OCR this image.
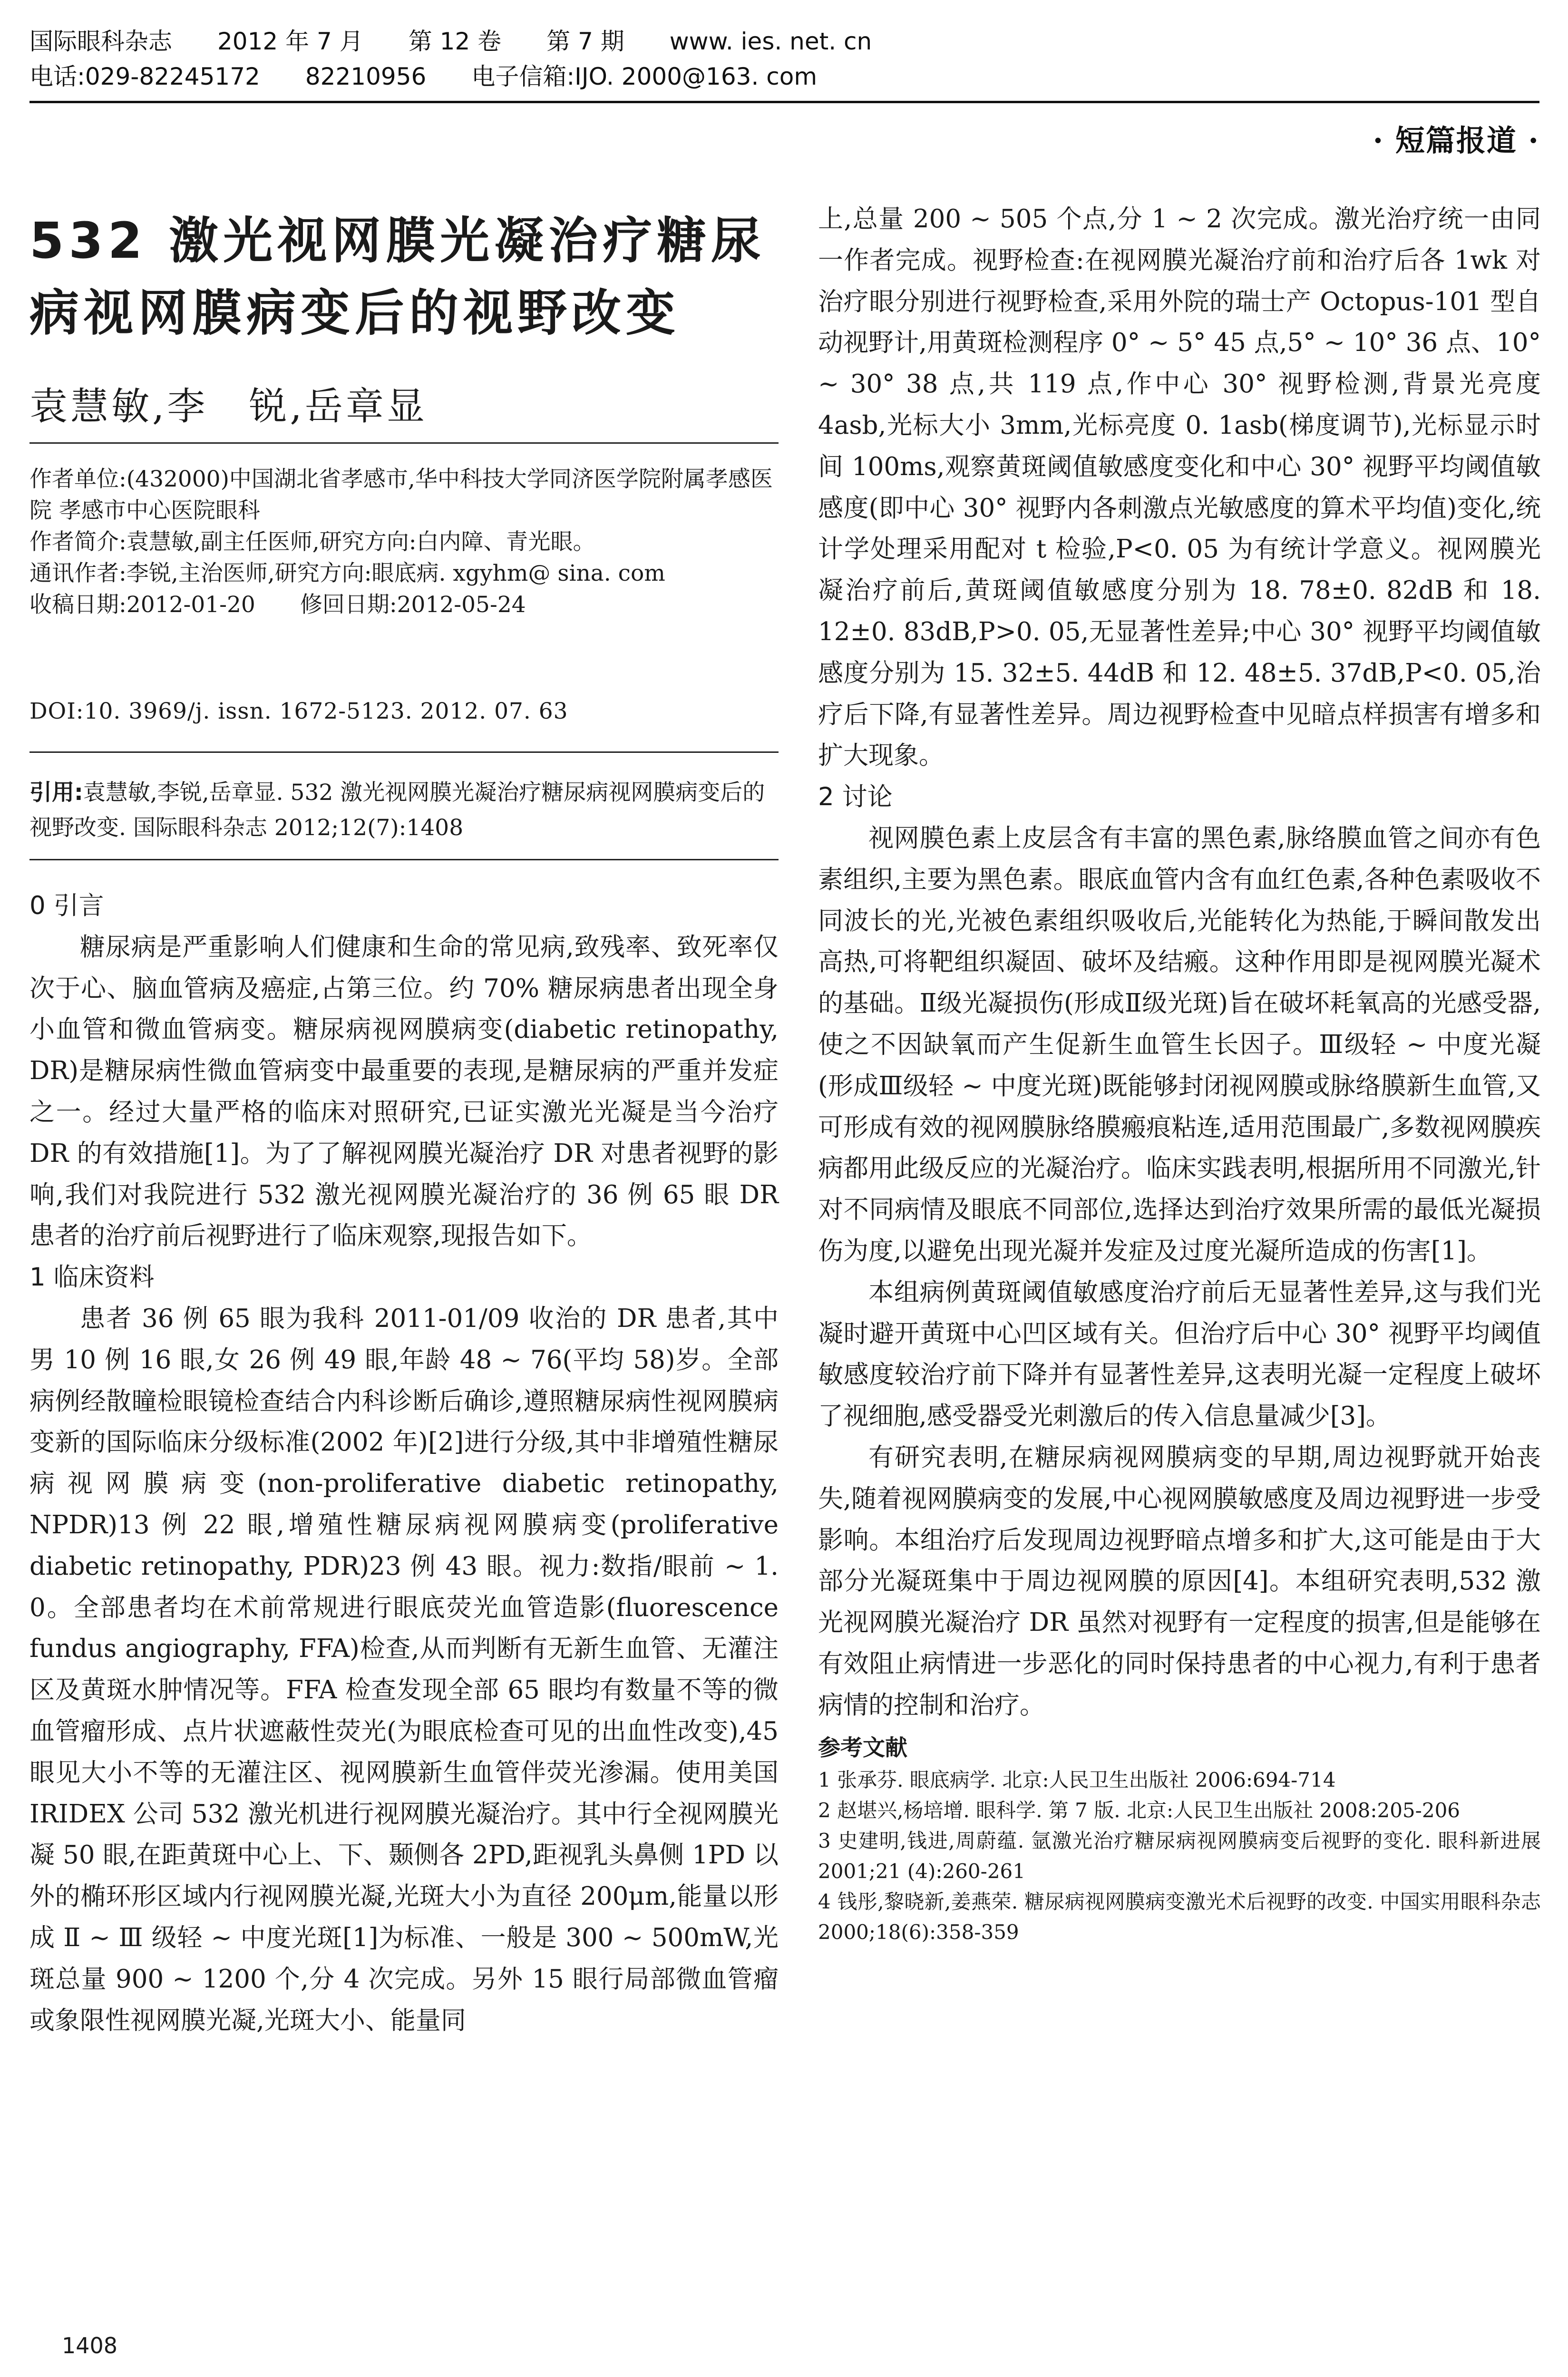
国际眼科杂志 2012 年 7 月 第 12 卷 第 7 期 www. ies. net. cn
电话:029-82245172 82210956 电子信箱:IJO. 2000@163. com
· 短篇报道 ·
532 激光视网膜光凝治疗糖尿病视网膜病变后的视野改变
袁慧敏,李　锐,岳章显

作者单位:(432000)中国湖北省孝感市,华中科技大学同济医学院附属孝感医院 孝感市中心医院眼科

作者简介:袁慧敏,副主任医师,研究方向:白内障、青光眼。

通讯作者:李锐,主治医师,研究方向:眼底病. xgyhm@ sina. com

收稿日期:2012-01-20　　修回日期:2012-05-24

DOI:10. 3969/j. issn. 1672-5123. 2012. 07. 63
引用:袁慧敏,李锐,岳章显. 532 激光视网膜光凝治疗糖尿病视网膜病变后的视野改变. 国际眼科杂志 2012;12(7):1408
0 引言

糖尿病是严重影响人们健康和生命的常见病,致残率、致死率仅次于心、脑血管病及癌症,占第三位。约 70% 糖尿病患者出现全身小血管和微血管病变。糖尿病视网膜病变(diabetic retinopathy, DR)是糖尿病性微血管病变中最重要的表现,是糖尿病的严重并发症之一。经过大量严格的临床对照研究,已证实激光光凝是当今治疗 DR 的有效措施[1]。为了了解视网膜光凝治疗 DR 对患者视野的影响,我们对我院进行 532 激光视网膜光凝治疗的 36 例 65 眼 DR 患者的治疗前后视野进行了临床观察,现报告如下。

1 临床资料

患者 36 例 65 眼为我科 2011-01/09 收治的 DR 患者,其中男 10 例 16 眼,女 26 例 49 眼,年龄 48 ~ 76(平均 58)岁。全部病例经散瞳检眼镜检查结合内科诊断后确诊,遵照糖尿病性视网膜病变新的国际临床分级标准(2002 年)[2]进行分级,其中非增殖性糖尿病视网膜病变(non-proliferative diabetic retinopathy, NPDR)13 例 22 眼,增殖性糖尿病视网膜病变(proliferative diabetic retinopathy, PDR)23 例 43 眼。视力:数指/眼前 ~ 1. 0。全部患者均在术前常规进行眼底荧光血管造影(fluorescence fundus angiography, FFA)检查,从而判断有无新生血管、无灌注区及黄斑水肿情况等。FFA 检查发现全部 65 眼均有数量不等的微血管瘤形成、点片状遮蔽性荧光(为眼底检查可见的出血性改变),45 眼见大小不等的无灌注区、视网膜新生血管伴荧光渗漏。使用美国 IRIDEX 公司 532 激光机进行视网膜光凝治疗。其中行全视网膜光凝 50 眼,在距黄斑中心上、下、颞侧各 2PD,距视乳头鼻侧 1PD 以外的椭环形区域内行视网膜光凝,光斑大小为直径 200μm,能量以形成 Ⅱ ~ Ⅲ 级轻 ~ 中度光斑[1]为标准、一般是 300 ~ 500mW,光斑总量 900 ~ 1200 个,分 4 次完成。另外 15 眼行局部微血管瘤或象限性视网膜光凝,光斑大小、能量同

上,总量 200 ~ 505 个点,分 1 ~ 2 次完成。激光治疗统一由同一作者完成。视野检查:在视网膜光凝治疗前和治疗后各 1wk 对治疗眼分别进行视野检查,采用外院的瑞士产 Octopus-101 型自动视野计,用黄斑检测程序 0° ~ 5° 45 点,5° ~ 10° 36 点、10° ~ 30° 38 点,共 119 点,作中心 30° 视野检测,背景光亮度 4asb,光标大小 3mm,光标亮度 0. 1asb(梯度调节),光标显示时间 100ms,观察黄斑阈值敏感度变化和中心 30° 视野平均阈值敏感度(即中心 30° 视野内各刺激点光敏感度的算术平均值)变化,统计学处理采用配对 t 检验,P<0. 05 为有统计学意义。视网膜光凝治疗前后,黄斑阈值敏感度分别为 18. 78±0. 82dB 和 18. 12±0. 83dB,P>0. 05,无显著性差异;中心 30° 视野平均阈值敏感度分别为 15. 32±5. 44dB 和 12. 48±5. 37dB,P<0. 05,治疗后下降,有显著性差异。周边视野检查中见暗点样损害有增多和扩大现象。

2 讨论

视网膜色素上皮层含有丰富的黑色素,脉络膜血管之间亦有色素组织,主要为黑色素。眼底血管内含有血红色素,各种色素吸收不同波长的光,光被色素组织吸收后,光能转化为热能,于瞬间散发出高热,可将靶组织凝固、破坏及结瘢。这种作用即是视网膜光凝术的基础。Ⅱ级光凝损伤(形成Ⅱ级光斑)旨在破坏耗氧高的光感受器,使之不因缺氧而产生促新生血管生长因子。Ⅲ级轻 ~ 中度光凝(形成Ⅲ级轻 ~ 中度光斑)既能够封闭视网膜或脉络膜新生血管,又可形成有效的视网膜脉络膜瘢痕粘连,适用范围最广,多数视网膜疾病都用此级反应的光凝治疗。临床实践表明,根据所用不同激光,针对不同病情及眼底不同部位,选择达到治疗效果所需的最低光凝损伤为度,以避免出现光凝并发症及过度光凝所造成的伤害[1]。

本组病例黄斑阈值敏感度治疗前后无显著性差异,这与我们光凝时避开黄斑中心凹区域有关。但治疗后中心 30° 视野平均阈值敏感度较治疗前下降并有显著性差异,这表明光凝一定程度上破坏了视细胞,感受器受光刺激后的传入信息量减少[3]。

有研究表明,在糖尿病视网膜病变的早期,周边视野就开始丧失,随着视网膜病变的发展,中心视网膜敏感度及周边视野进一步受影响。本组治疗后发现周边视野暗点增多和扩大,这可能是由于大部分光凝斑集中于周边视网膜的原因[4]。本组研究表明,532 激光视网膜光凝治疗 DR 虽然对视野有一定程度的损害,但是能够在有效阻止病情进一步恶化的同时保持患者的中心视力,有利于患者病情的控制和治疗。

参考文献
1 张承芬. 眼底病学. 北京:人民卫生出版社 2006:694-714
2 赵堪兴,杨培增. 眼科学. 第 7 版. 北京:人民卫生出版社 2008:205-206
3 史建明,钱进,周蔚蕴. 氩激光治疗糖尿病视网膜病变后视野的变化. 眼科新进展 2001;21 (4):260-261
4 钱彤,黎晓新,姜燕荣. 糖尿病视网膜病变激光术后视野的改变. 中国实用眼科杂志 2000;18(6):358-359
1408
